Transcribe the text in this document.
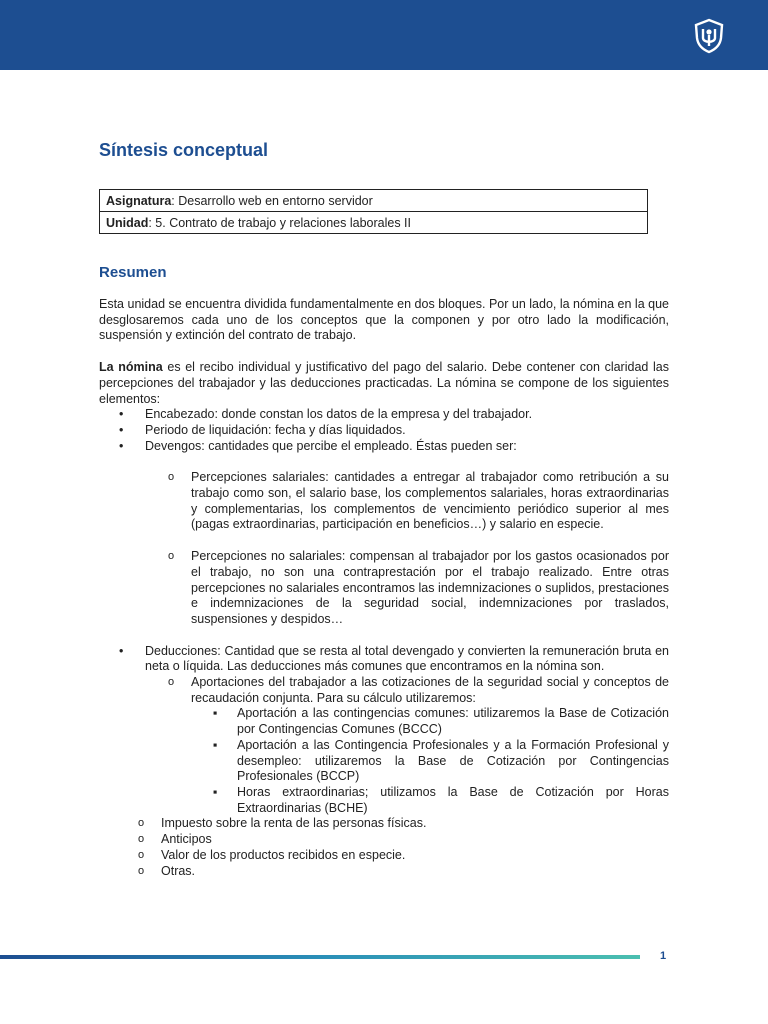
Síntesis conceptual
Asignatura: Desarrollo web en entorno servidor
Unidad: 5. Contrato de trabajo y relaciones laborales II
Resumen

Esta unidad se encuentra dividida fundamentalmente en dos bloques. Por un lado, la nómina en la que desglosaremos cada uno de los conceptos que la componen y por otro lado la modificación, suspensión y extinción del contrato de trabajo.

La nómina es el recibo individual y justificativo del pago del salario. Debe contener con claridad las percepciones del trabajador y las deducciones practicadas. La nómina se compone de los siguientes elementos:

• Encabezado: donde constan los datos de la empresa y del trabajador.
• Periodo de liquidación: fecha y días liquidados.
• Devengos: cantidades que percibe el empleado. Éstas pueden ser:
o Percepciones salariales: cantidades a entregar al trabajador como retribución a su trabajo como son, el salario base, los complementos salariales, horas extraordinarias y complementarias, los complementos de vencimiento periódico superior al mes (pagas extraordinarias, participación en beneficios…) y salario en especie.
o Percepciones no salariales: compensan al trabajador por los gastos ocasionados por el trabajo, no son una contraprestación por el trabajo realizado. Entre otras percepciones no salariales encontramos las indemnizaciones o suplidos, prestaciones e indemnizaciones de la seguridad social, indemnizaciones por traslados, suspensiones y despidos…
• Deducciones: Cantidad que se resta al total devengado y convierten la remuneración bruta en neta o líquida. Las deducciones más comunes que encontramos en la nómina son.
o Aportaciones del trabajador a las cotizaciones de la seguridad social y conceptos de recaudación conjunta. Para su cálculo utilizaremos:
▪ Aportación a las contingencias comunes: utilizaremos la Base de Cotización por Contingencias Comunes (BCCC)
▪ Aportación a las Contingencia Profesionales y a la Formación Profesional y desempleo: utilizaremos la Base de Cotización por Contingencias Profesionales (BCCP)
▪ Horas extraordinarias; utilizamos la Base de Cotización por Horas Extraordinarias (BCHE)
o Impuesto sobre la renta de las personas físicas.
o Anticipos
o Valor de los productos recibidos en especie.
o Otras.
1
